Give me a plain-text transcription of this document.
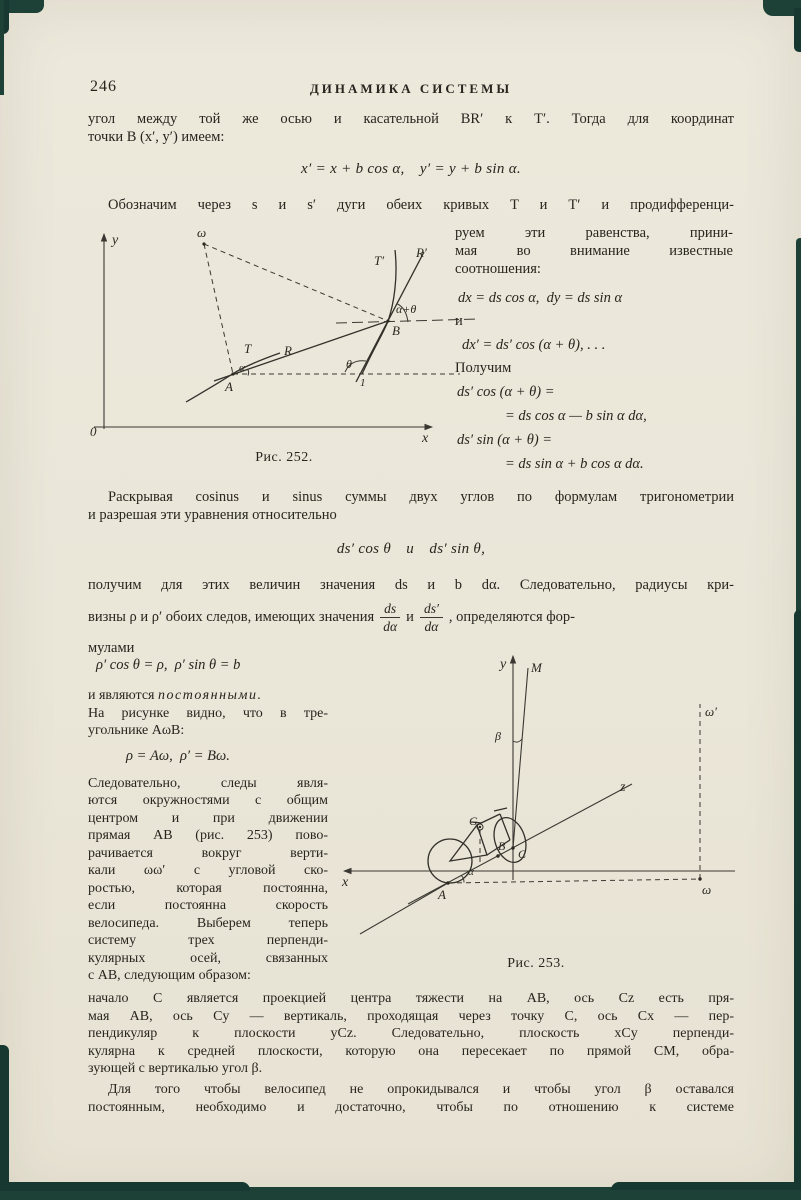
246	ДИНАМИКА СИСТЕМЫ
угол между той же осью и касательной BR′ к T′. Тогда для координат
точки B (x′, y′) имеем:
x′ = x + b cos α, y′ = y + b sin α.
Обозначим через s и s′ дуги обеих кривых T и T′ и продифференци-
y
x
0
ω
T	R
A
B
T′
R′
α+θ
θ
α
1
Рис. 252.
руем эти равенства, прини-
мая во внимание известные
соотношения:
dx = ds cos α, dy = ds sin α
и
dx′ = ds′ cos (α + θ), . . .
Получим
ds′ cos (α + θ) =
= ds cos α — b sin α dα,
ds′ sin (α + θ) =
= ds sin α + b cos α dα.
Раскрывая cosinus и sinus суммы двух углов по формулам тригонометрии
и разрешая эти уравнения относительно
ds′ cos θ и ds′ sin θ,
получим для этих величин значения ds и b dα. Следовательно, радиусы кри-
визны ρ и ρ′ обоих следов, имеющих значения $\frac{ds}{d\alpha}$ и $\frac{ds'}{d\alpha}$ , определяются фор-
мулами
ρ′ cos θ = ρ, ρ′ sin θ = b
и являются постоянными.
На рисунке видно, что в тре-
угольнике AωB:
ρ = Aω, ρ′ = Bω.
Следовательно, следы явля-
ются окружностями с общим
центром и при движении
прямая AB (рис. 253) пово-
рачивается вокруг верти-
кали ωω′ с угловой ско-
ростью, которая постоянна,
если постоянна скорость
велосипеда. Выберем теперь
систему трех перпенди-
кулярных осей, связанных
с AB, следующим образом:
y M
β
ω′
z
x	ω
A
B
C
G
α
Рис. 253.
начало C является проекцией центра тяжести на AB, ось Cz есть пря-
мая AB, ось Cy — вертикаль, проходящая через точку C, ось Cx — пер-
пендикуляр к плоскости yCz. Следовательно, плоскость xCy перпенди-
кулярна к средней плоскости, которую она пересекает по прямой CM, обра-
зующей с вертикалью угол β.
Для того чтобы велосипед не опрокидывался и чтобы угол β оставался
постоянным, необходимо и достаточно, чтобы по отношению к системе
